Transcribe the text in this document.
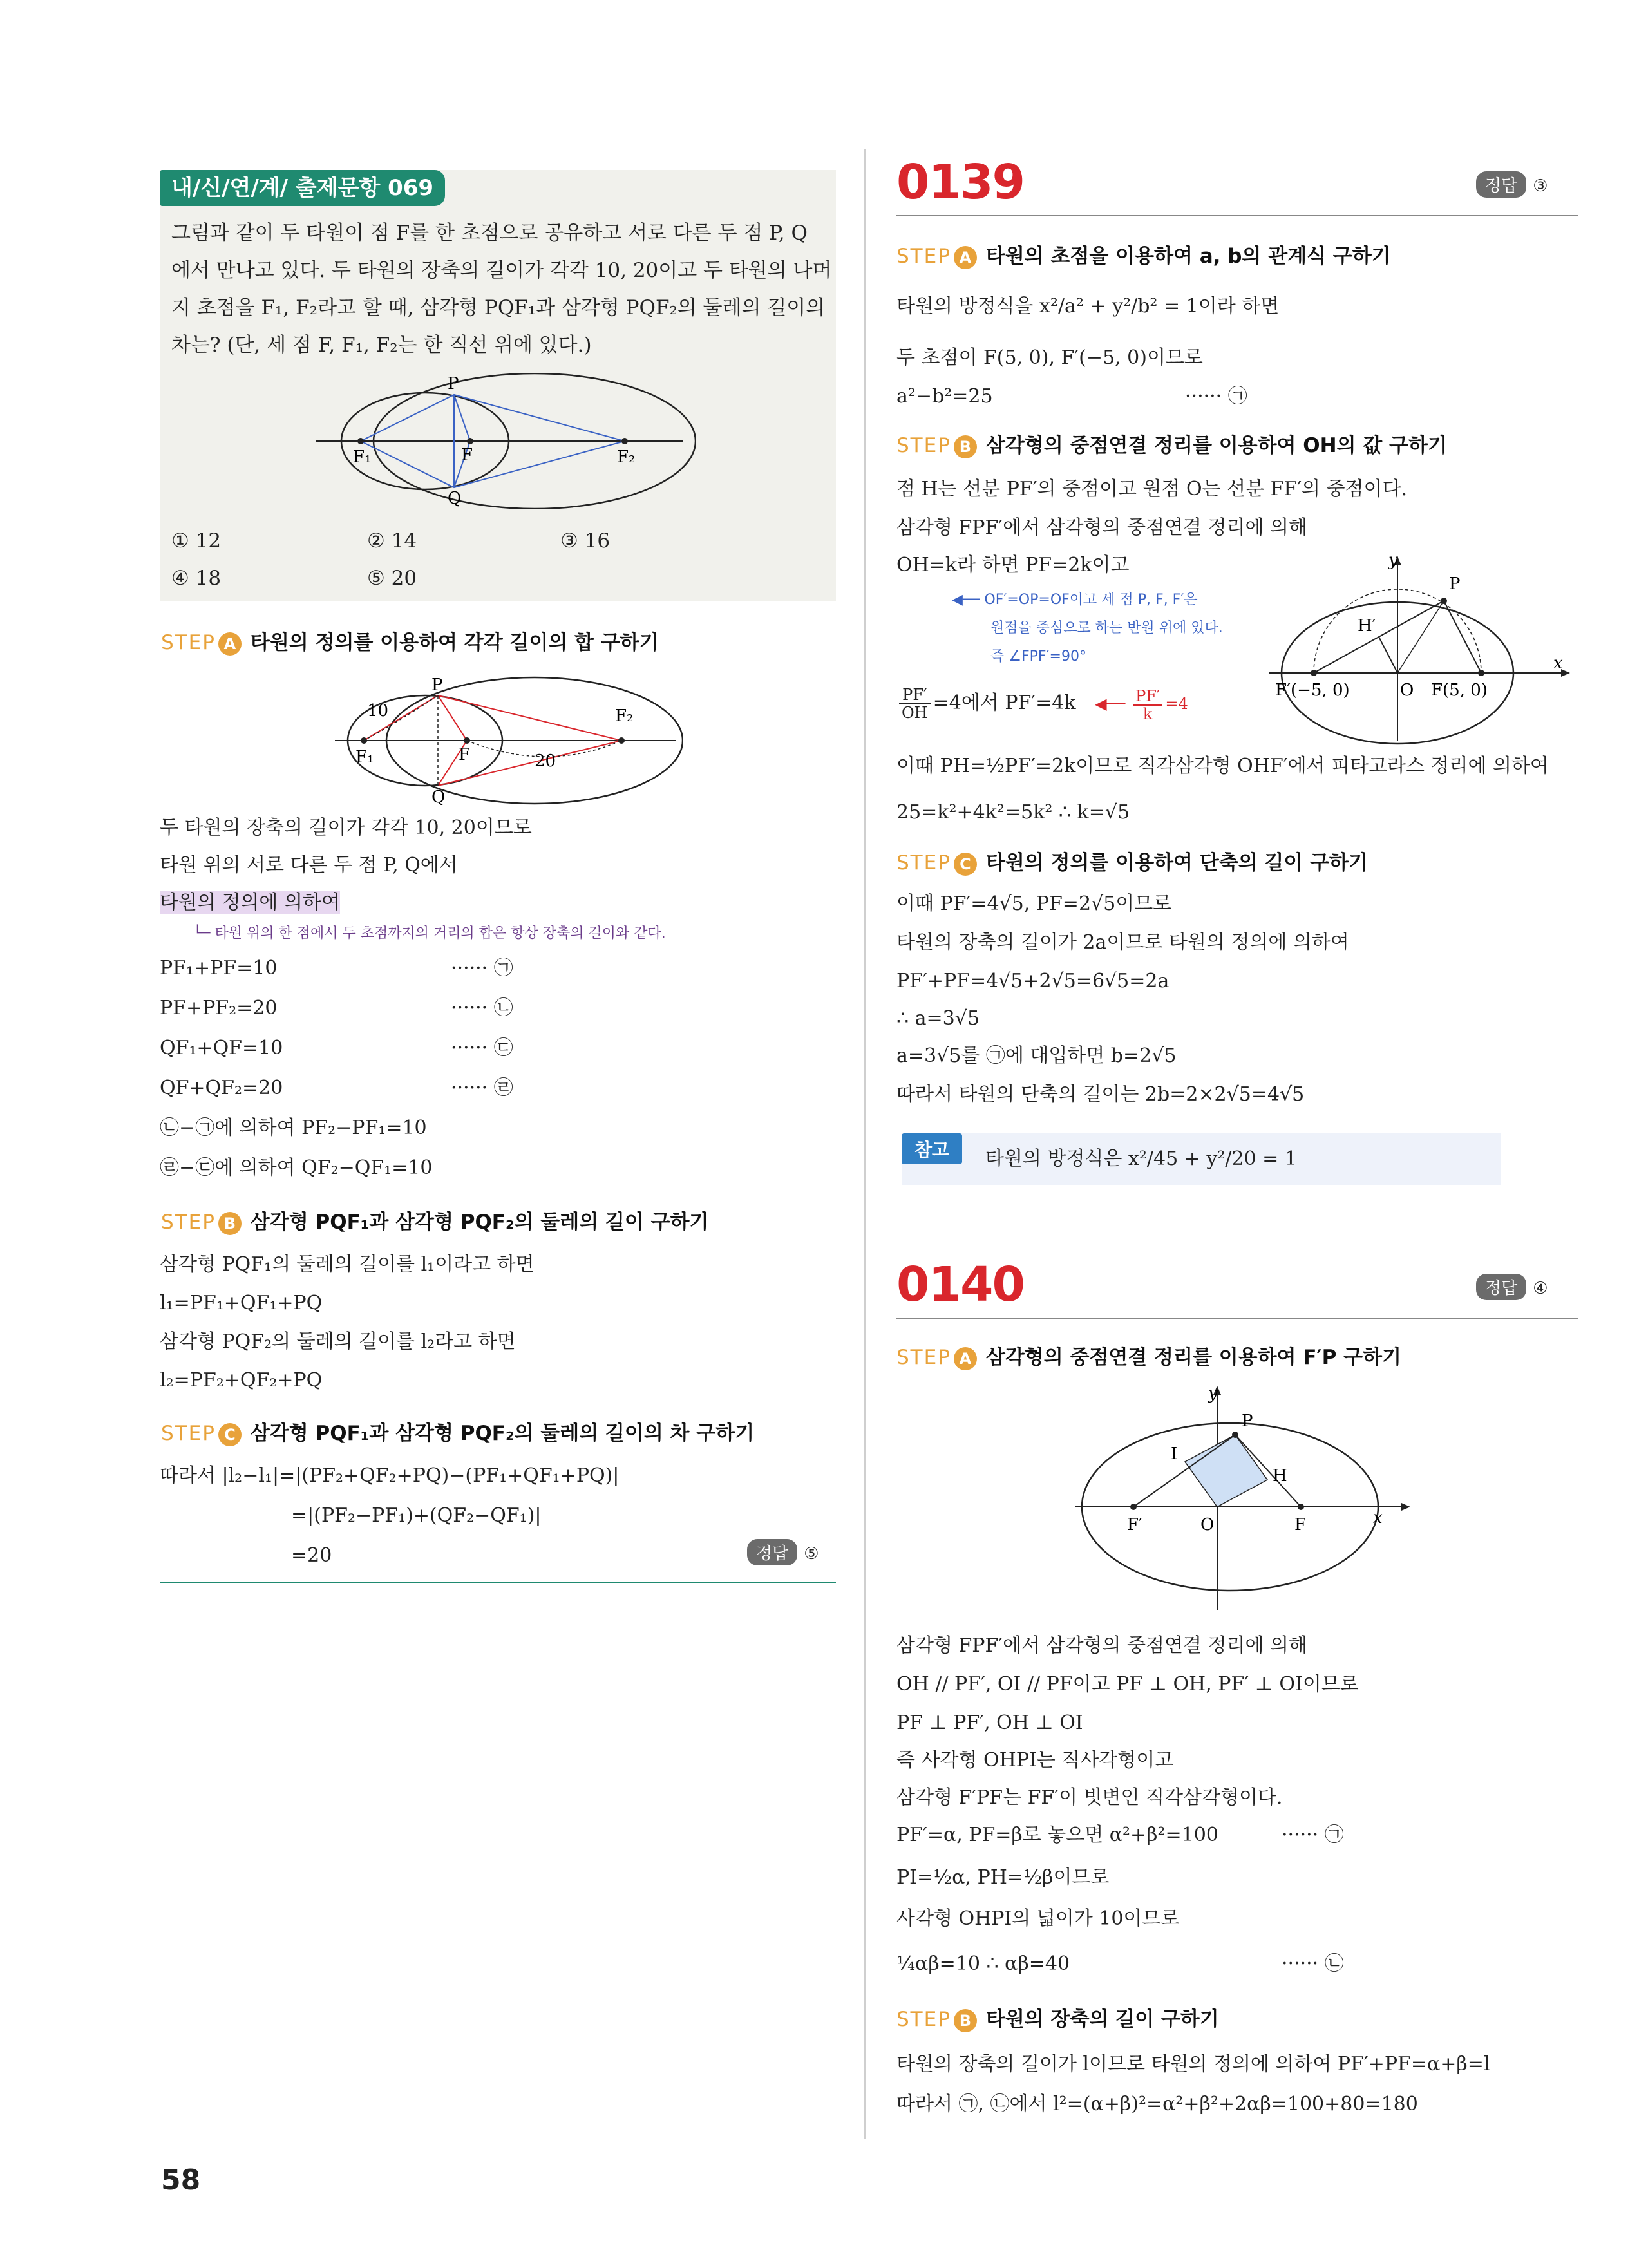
내/신/연/계/ 출제문항 069
그림과 같이 두 타원이 점 F를 한 초점으로 공유하고 서로 다른 두 점 P, Q
에서 만나고 있다. 두 타원의 장축의 길이가 각각 10, 20이고 두 타원의 나머
지 초점을 F₁, F₂라고 할 때, 삼각형 PQF₁과 삼각형 PQF₂의 둘레의 길이의
차는? (단, 세 점 F, F₁, F₂는 한 직선 위에 있다.)
P
Q
F
F₁	F₂
① 12	② 14	③ 16
④ 18	⑤ 20
STEP A 타원의 정의를 이용하여 각각 길이의 합 구하기
P
Q
F
F₁
F₂
10
20
두 타원의 장축의 길이가 각각 10, 20이므로
타원 위의 서로 다른 두 점 P, Q에서
타원의 정의에 의하여
└─ 타원 위의 한 점에서 두 초점까지의 거리의 합은 항상 장축의 길이와 같다.
PF₁+PF=10	······ ㉠
PF+PF₂=20	······ ㉡
QF₁+QF=10	······ ㉢
QF+QF₂=20	······ ㉣
㉡−㉠에 의하여 PF₂−PF₁=10
㉣−㉢에 의하여 QF₂−QF₁=10
STEP B 삼각형 PQF₁과 삼각형 PQF₂의 둘레의 길이 구하기
삼각형 PQF₁의 둘레의 길이를 l₁이라고 하면
l₁=PF₁+QF₁+PQ
삼각형 PQF₂의 둘레의 길이를 l₂라고 하면
l₂=PF₂+QF₂+PQ
STEP C 삼각형 PQF₁과 삼각형 PQF₂의 둘레의 길이의 차 구하기
따라서 |l₂−l₁|=|(PF₂+QF₂+PQ)−(PF₁+QF₁+PQ)|
=|(PF₂−PF₁)+(QF₂−QF₁)|
=20	정답 ⑤
58
0139	정답 ③
STEP A 타원의 초점을 이용하여 a, b의 관계식 구하기
타원의 방정식을 x²/a² + y²/b² = 1이라 하면
두 초점이 F(5, 0), F′(−5, 0)이므로
a²−b²=25	······ ㉠
STEP B 삼각형의 중점연결 정리를 이용하여 OH의 값 구하기
점 H는 선분 PF′의 중점이고 원점 O는 선분 FF′의 중점이다.
삼각형 FPF′에서 삼각형의 중점연결 정리에 의해
OH=k라 하면 PF=2k이고
◀── OF′=OP=OF이고 세 점 P, F, F′은
원점을 중심으로 하는 반원 위에 있다.
즉 ∠FPF′=90°
$\frac{PF'}{OH} =4$에서 PF′=4k ◀── $\frac{PF'}{k} =4$
y
x
P
H′
F′(−5, 0)	O F(5, 0)
이때 PH=½PF′=2k이므로 직각삼각형 OHF′에서 피타고라스 정리에 의하여
25=k²+4k²=5k² ∴ k=√5
STEP C 타원의 정의를 이용하여 단축의 길이 구하기
이때 PF′=4√5, PF=2√5이므로
타원의 장축의 길이가 2a이므로 타원의 정의에 의하여
PF′+PF=4√5+2√5=6√5=2a
∴ a=3√5
a=3√5를 ㉠에 대입하면 b=2√5
따라서 타원의 단축의 길이는 2b=2×2√5=4√5
참고	타원의 방정식은 x²/45 + y²/20 = 1
0140	정답 ④
STEP A 삼각형의 중점연결 정리를 이용하여 F′P 구하기
y
x
P
I
H
F′	O	F
삼각형 FPF′에서 삼각형의 중점연결 정리에 의해
OH // PF′, OI // PF이고 PF ⊥ OH, PF′ ⊥ OI이므로
PF ⊥ PF′, OH ⊥ OI
즉 사각형 OHPI는 직사각형이고
삼각형 F′PF는 FF′이 빗변인 직각삼각형이다.
PF′=α, PF=β로 놓으면 α²+β²=100	······ ㉠
PI=½α, PH=½β이므로
사각형 OHPI의 넓이가 10이므로
¼αβ=10 ∴ αβ=40	······ ㉡
STEP B 타원의 장축의 길이 구하기
타원의 장축의 길이가 l이므로 타원의 정의에 의하여 PF′+PF=α+β=l
따라서 ㉠, ㉡에서 l²=(α+β)²=α²+β²+2αβ=100+80=180
